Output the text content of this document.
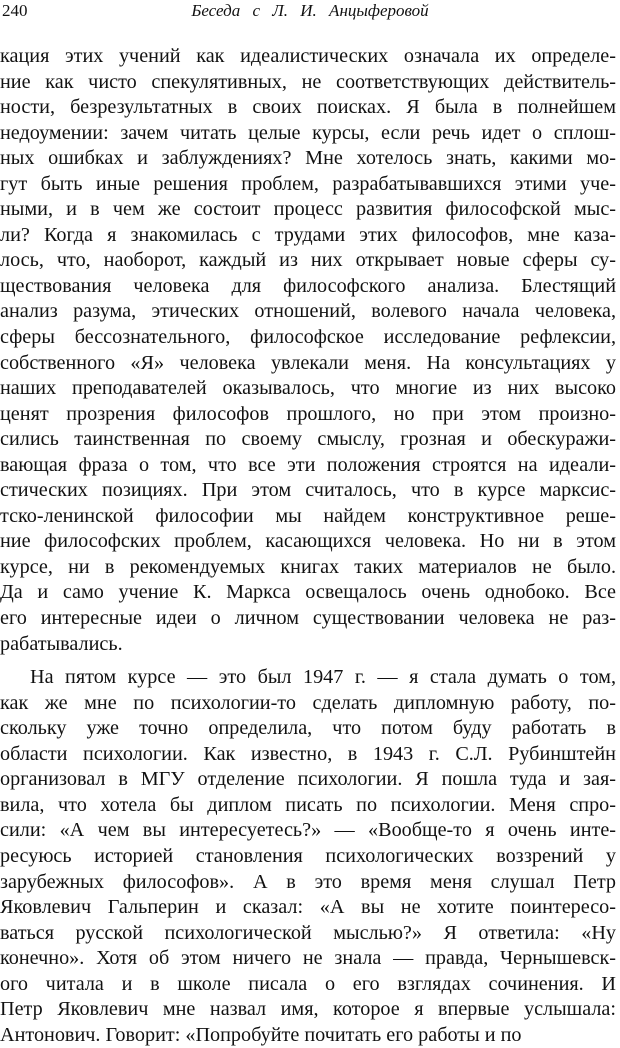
240	Беседа с Л. И. Анцыферовой
кация этих учений как идеалистических означала их определе-
ние как чисто спекулятивных, не соответствующих действитель-
ности, безрезультатных в своих поисках. Я была в полнейшем
недоумении: зачем читать целые курсы, если речь идет о сплош-
ных ошибках и заблуждениях? Мне хотелось знать, какими мо-
гут быть иные решения проблем, разрабатывавшихся этими уче-
ными, и в чем же состоит процесс развития философской мыс-
ли? Когда я знакомилась с трудами этих философов, мне каза-
лось, что, наоборот, каждый из них открывает новые сферы су-
ществования человека для философского анализа. Блестящий
анализ разума, этических отношений, волевого начала человека,
сферы бессознательного, философское исследование рефлексии,
собственного «Я» человека увлекали меня. На консультациях у
наших преподавателей оказывалось, что многие из них высоко
ценят прозрения философов прошлого, но при этом произно-
сились таинственная по своему смыслу, грозная и обескуражи-
вающая фраза о том, что все эти положения строятся на идеали-
стических позициях. При этом считалось, что в курсе марксис-
тско-ленинской философии мы найдем конструктивное реше-
ние философских проблем, касающихся человека. Но ни в этом
курсе, ни в рекомендуемых книгах таких материалов не было.
Да и само учение К. Маркса освещалось очень однобоко. Все
его интересные идеи о личном существовании человека не раз-
рабатывались.
На пятом курсе — это был 1947 г. — я стала думать о том,
как же мне по психологии-то сделать дипломную работу, по-
скольку уже точно определила, что потом буду работать в
области психологии. Как известно, в 1943 г. С.Л. Рубинштейн
организовал в МГУ отделение психологии. Я пошла туда и зая-
вила, что хотела бы диплом писать по психологии. Меня спро-
сили: «А чем вы интересуетесь?» — «Вообще-то я очень инте-
ресуюсь историей становления психологических воззрений у
зарубежных философов». А в это время меня слушал Петр
Яковлевич Гальперин и сказал: «А вы не хотите поинтересо-
ваться русской психологической мыслью?» Я ответила: «Ну
конечно». Хотя об этом ничего не знала — правда, Чернышевск-
ого читала и в школе писала о его взглядах сочинения. И
Петр Яковлевич мне назвал имя, которое я впервые услышала:
Антонович. Говорит: «Попробуйте почитать его работы и по
